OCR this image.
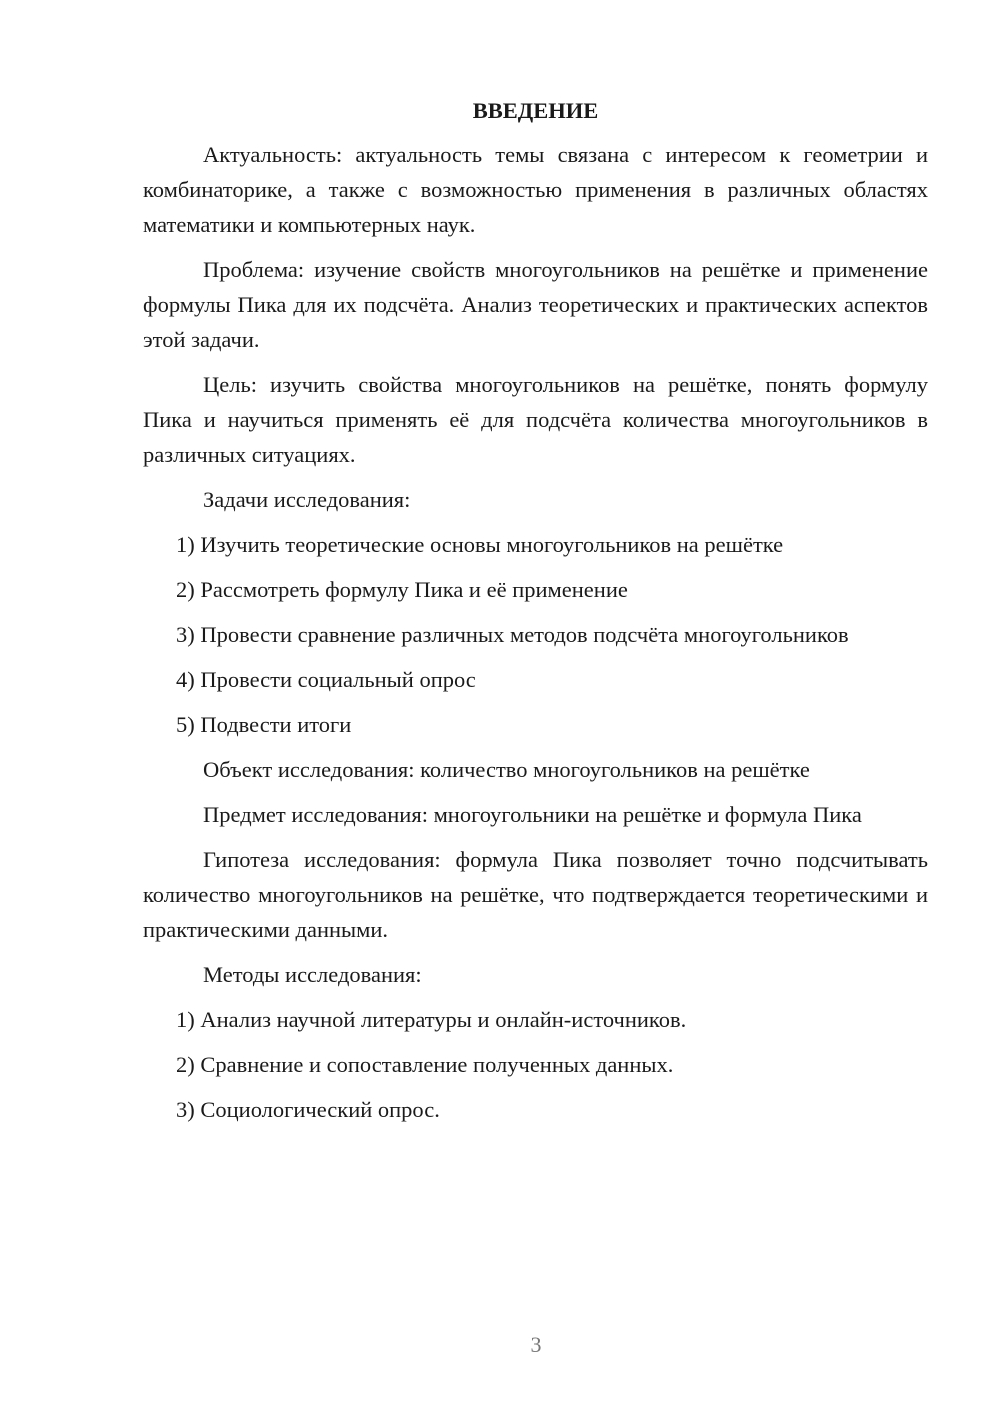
ВВЕДЕНИЕ

Актуальность: актуальность темы связана с интересом к геометрии и комбинаторике, а также с возможностью применения в различных областях математики и компьютерных наук.

Проблема: изучение свойств многоугольников на решётке и применение формулы Пика для их подсчёта. Анализ теоретических и практических аспектов этой задачи.

Цель: изучить свойства многоугольников на решётке, понять формулу Пика и научиться применять её для подсчёта количества многоугольников в различных ситуациях.

Задачи исследования:

1) Изучить теоретические основы многоугольников на решётке
2) Рассмотреть формулу Пика и её применение
3) Провести сравнение различных методов подсчёта многоугольников
4) Провести социальный опрос
5) Подвести итоги

Объект исследования: количество многоугольников на решётке

Предмет исследования: многоугольники на решётке и формула Пика

Гипотеза исследования: формула Пика позволяет точно подсчитывать количество многоугольников на решётке, что подтверждается теоретическими и практическими данными.

Методы исследования:

1) Анализ научной литературы и онлайн-источников.
2) Сравнение и сопоставление полученных данных.
3) Социологический опрос.
3
